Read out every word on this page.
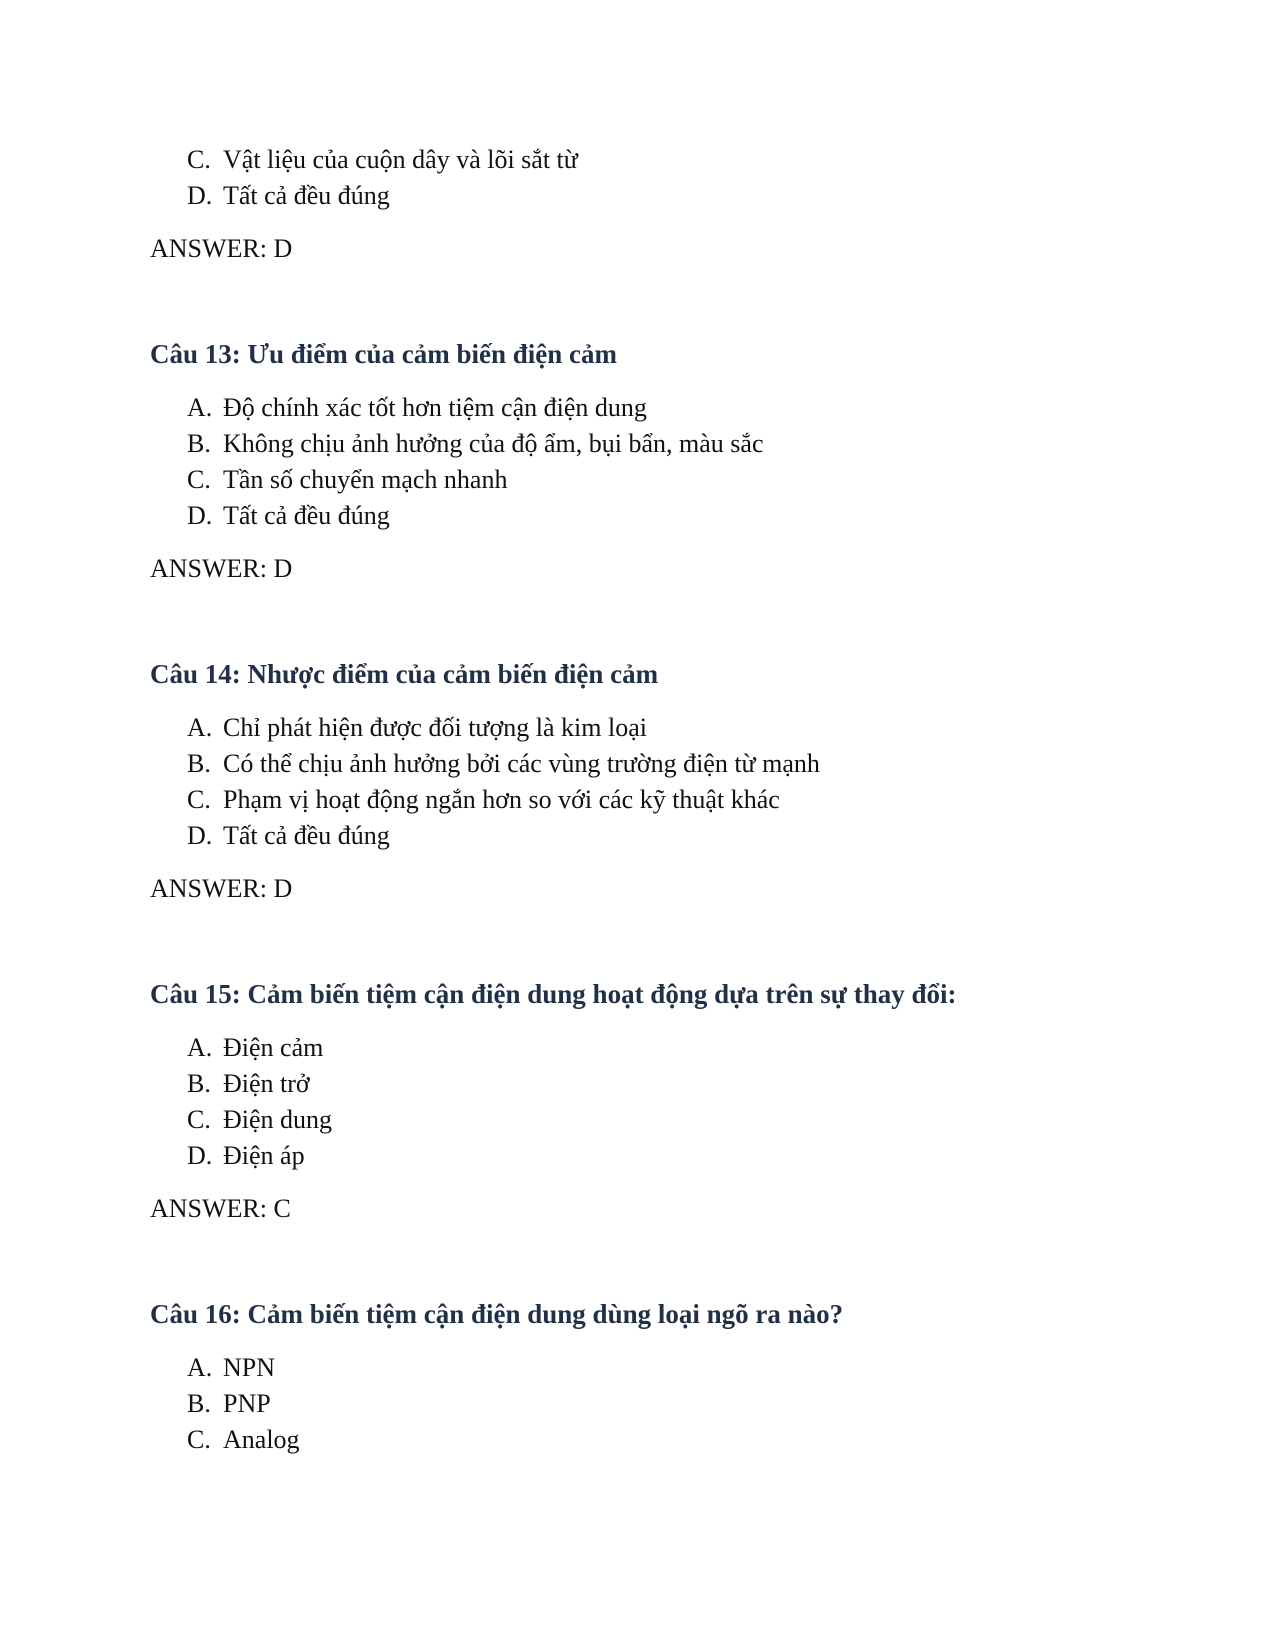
C. Vật liệu của cuộn dây và lõi sắt từ
D. Tất cả đều đúng
ANSWER: D
Câu 13: Ưu điểm của cảm biến điện cảm
A. Độ chính xác tốt hơn tiệm cận điện dung
B. Không chịu ảnh hưởng của độ ẩm, bụi bẩn, màu sắc
C. Tần số chuyển mạch nhanh
D. Tất cả đều đúng
ANSWER: D
Câu 14: Nhược điểm của cảm biến điện cảm
A. Chỉ phát hiện được đối tượng là kim loại
B. Có thể chịu ảnh hưởng bởi các vùng trường điện từ mạnh
C. Phạm vị hoạt động ngắn hơn so với các kỹ thuật khác
D. Tất cả đều đúng
ANSWER: D
Câu 15: Cảm biến tiệm cận điện dung hoạt động dựa trên sự thay đổi:
A. Điện cảm
B. Điện trở
C. Điện dung
D. Điện áp
ANSWER: C
Câu 16: Cảm biến tiệm cận điện dung dùng loại ngõ ra nào?
A. NPN
B. PNP
C. Analog
